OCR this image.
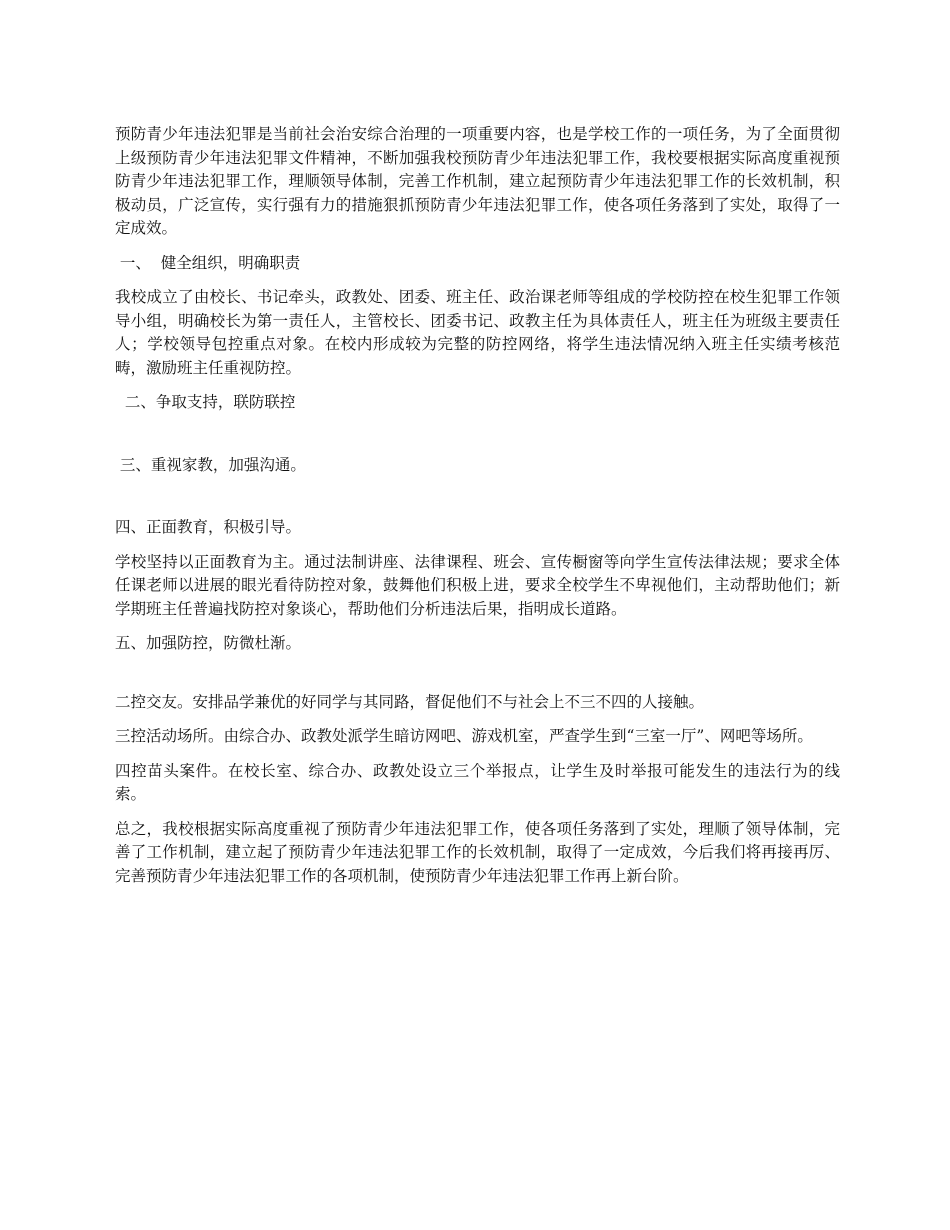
预防青少年违法犯罪是当前社会治安综合治理的一项重要内容，也是学校工作的一项任务，为了全面贯彻上级预防青少年违法犯罪文件精神，不断加强我校预防青少年违法犯罪工作，我校要根据实际高度重视预防青少年违法犯罪工作，理顺领导体制，完善工作机制，建立起预防青少年违法犯罪工作的长效机制，积极动员，广泛宣传，实行强有力的措施狠抓预防青少年违法犯罪工作，使各项任务落到了实处，取得了一定成效。

一、  健全组织，明确职责

我校成立了由校长、书记牵头，政教处、团委、班主任、政治课老师等组成的学校防控在校生犯罪工作领导小组，明确校长为第一责任人，主管校长、团委书记、政教主任为具体责任人，班主任为班级主要责任人；学校领导包控重点对象。在校内形成较为完整的防控网络，将学生违法情况纳入班主任实绩考核范畴，激励班主任重视防控。

二、争取支持，联防联控

三、重视家教，加强沟通。

四、正面教育，积极引导。

学校坚持以正面教育为主。通过法制讲座、法律课程、班会、宣传橱窗等向学生宣传法律法规；要求全体任课老师以进展的眼光看待防控对象，鼓舞他们积极上进，要求全校学生不卑视他们，主动帮助他们；新学期班主任普遍找防控对象谈心，帮助他们分析违法后果，指明成长道路。

五、加强防控，防微杜渐。

二控交友。安排品学兼优的好同学与其同路，督促他们不与社会上不三不四的人接触。

三控活动场所。由综合办、政教处派学生暗访网吧、游戏机室，严查学生到“三室一厅”、网吧等场所。

四控苗头案件。在校长室、综合办、政教处设立三个举报点，让学生及时举报可能发生的违法行为的线索。

总之，我校根据实际高度重视了预防青少年违法犯罪工作，使各项任务落到了实处，理顺了领导体制，完善了工作机制，建立起了预防青少年违法犯罪工作的长效机制，取得了一定成效，今后我们将再接再厉、完善预防青少年违法犯罪工作的各项机制，使预防青少年违法犯罪工作再上新台阶。
